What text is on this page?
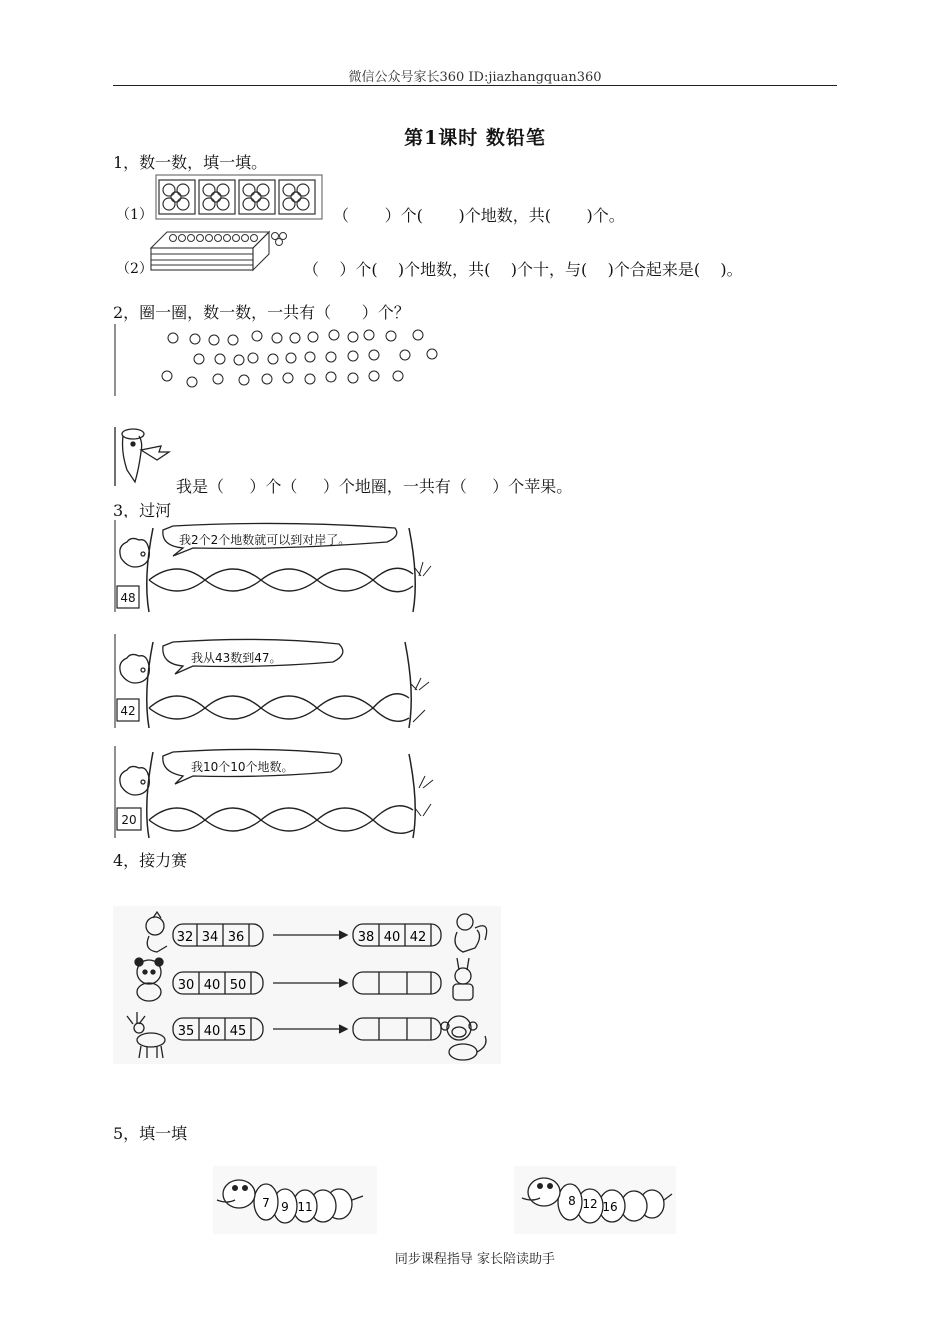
微信公众号家长360 ID:jiazhangquan360
第1课时 数铅笔
1，数一数，填一填。
（1）	（       ）个(       )个地数，共(       )个。
（2）	（    ）个(    )个地数，共(    )个十，与(    )个合起来是(    )。
2，圈一圈，数一数，一共有（      ）个？
我是（     ）个（     ）个地圈，一共有（     ）个苹果。
3，过河
我2个2个地数就可以到对岸了。
48
我从43数到47。
42
我10个10个地数。
20
4，接力赛
32 34 36	38 40 42
30 40 50
35 40 45
5，填一填
7 9 11	8 12 16
同步课程指导 家长陪读助手
